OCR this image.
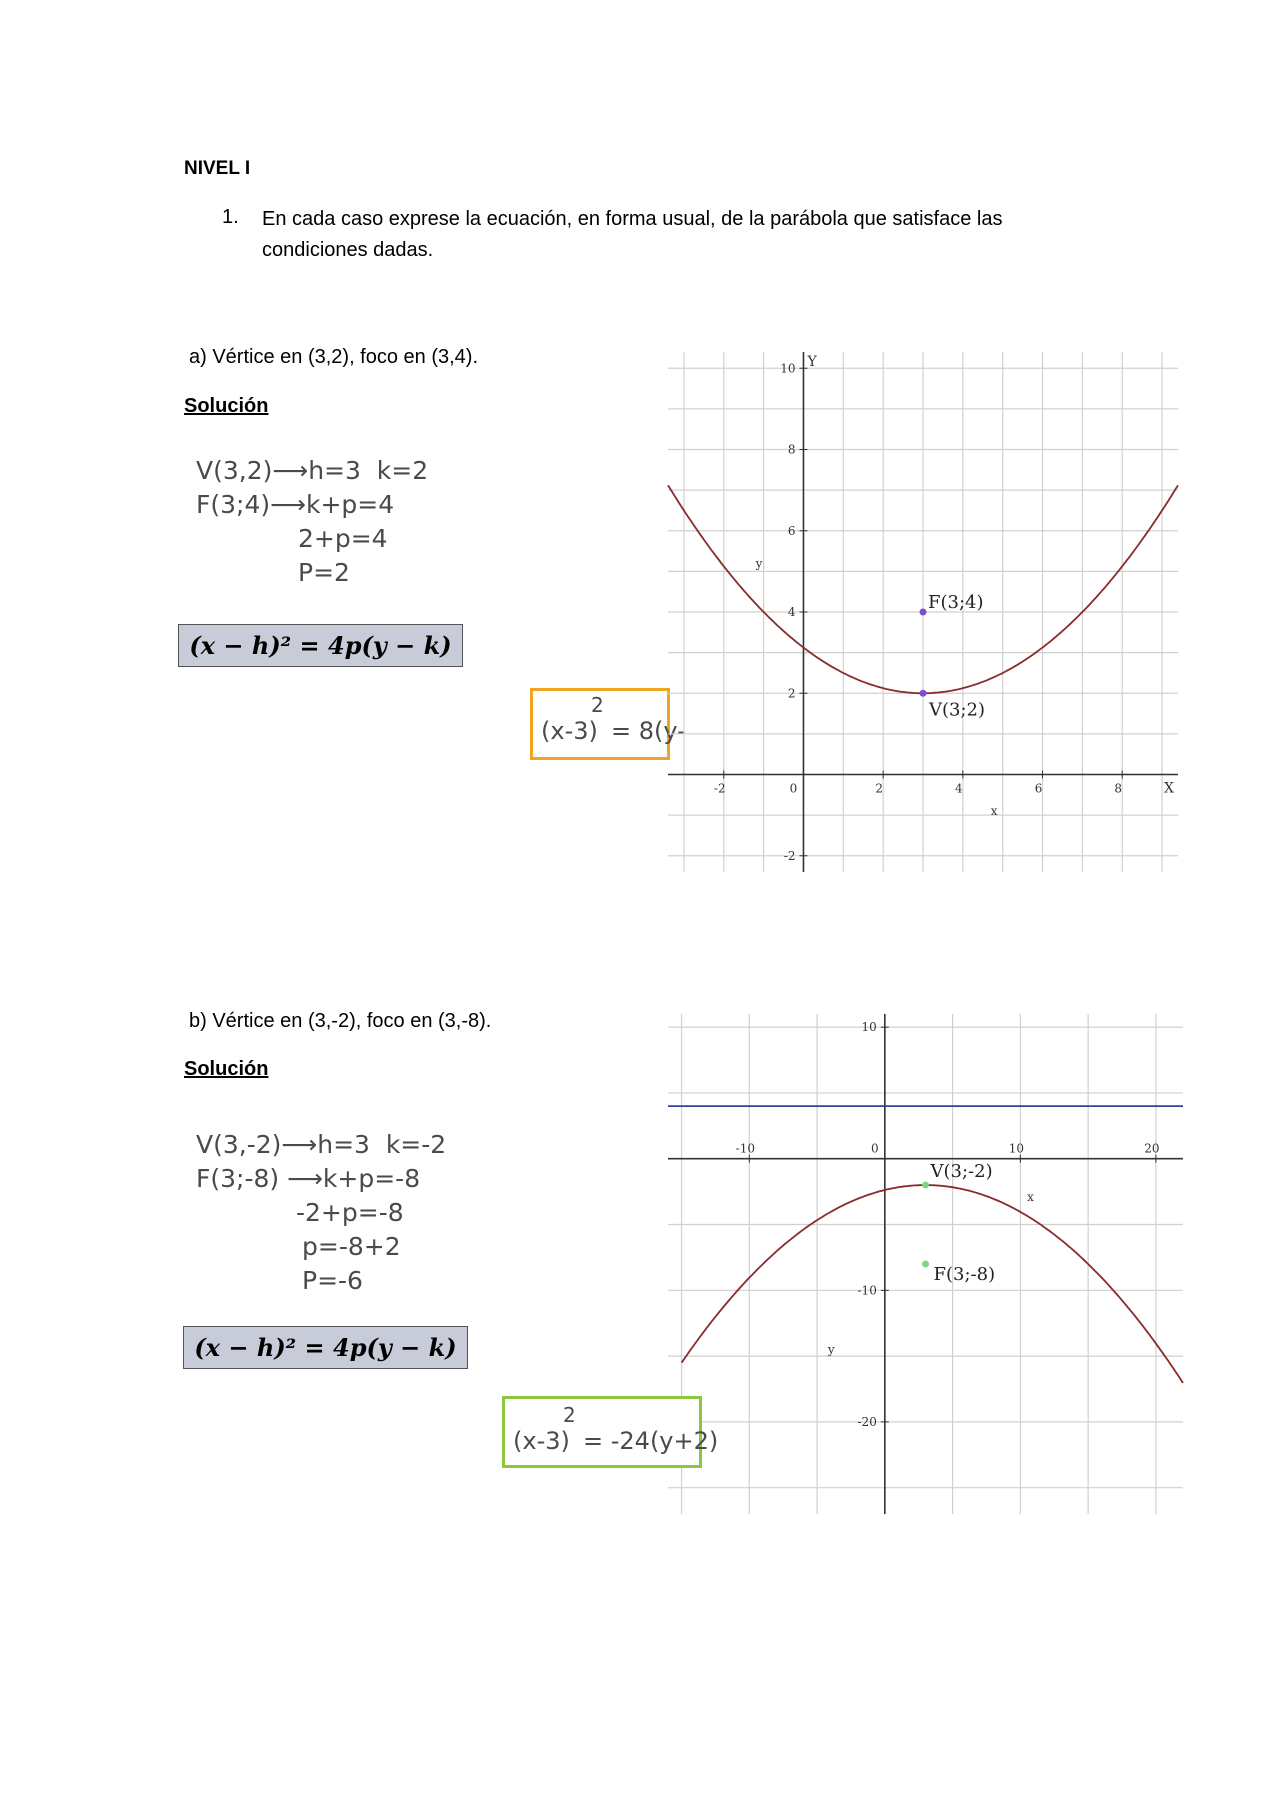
NIVEL I
1. En cada caso exprese la ecuación, en forma usual, de la parábola que satisface las condiciones dadas.
a) Vértice en (3,2), foco en (3,4).
Solución
V(3,2)⟶h=3  k=2
F(3;4)⟶k+p=4
2+p=4
P=2
(x − h)² = 4p(y − k)
(x-3)
2
= 8(y-
-2	0	2	4	6	8
-2
2
4
6
8
10
x
y
X
Y
F(3;4)
V(3;2)
b) Vértice en (3,-2), foco en (3,-8).
Solución
V(3,-2)⟶h=3  k=-2
F(3;-8) ⟶k+p=-8
-2+p=-8
p=-8+2
P=-6
(x − h)² = 4p(y − k)
-10	0	10	20
10
-10
-20
x
y
V(3;-2)
F(3;-8)
(x-3)
2
= -24(y+2)
